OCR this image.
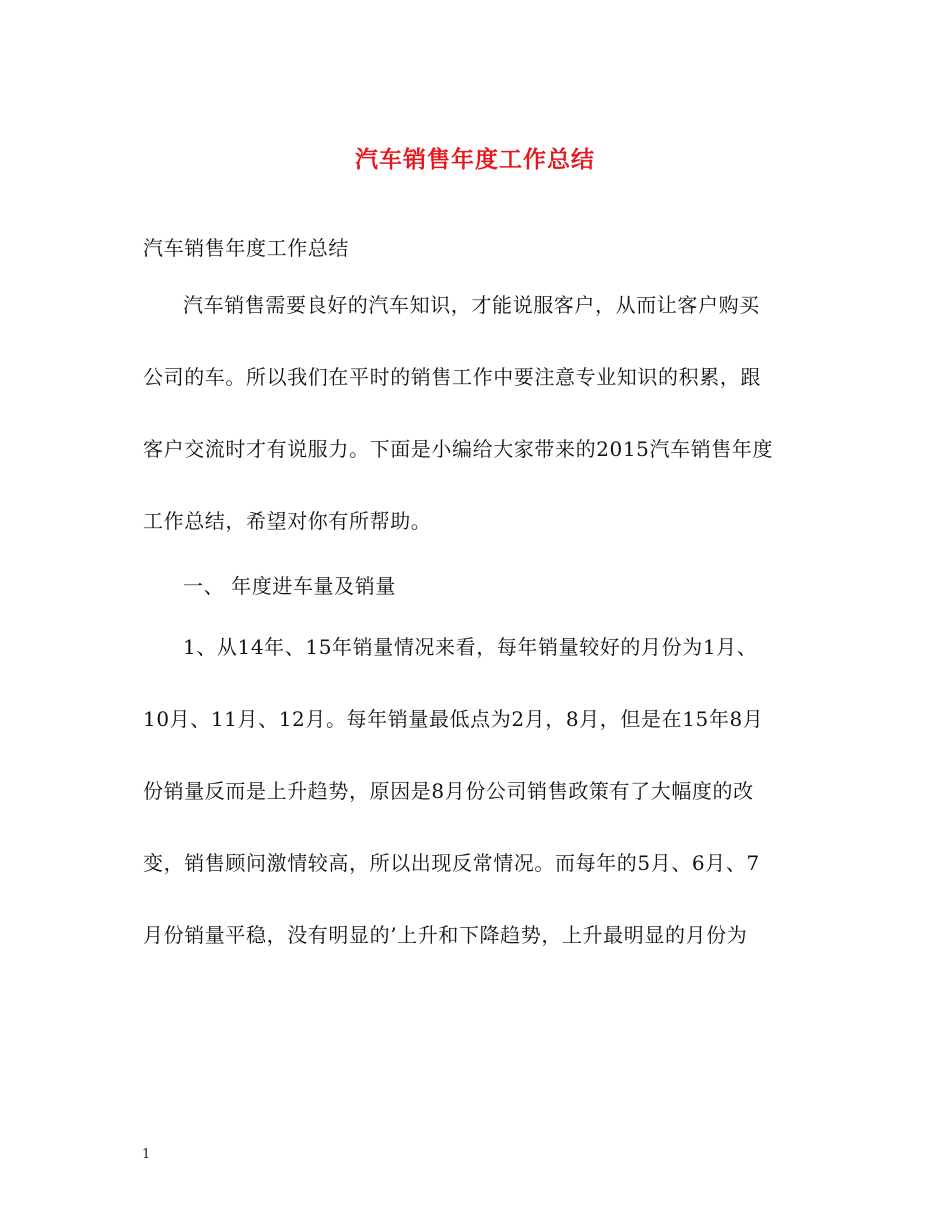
汽车销售年度工作总结
汽车销售年度工作总结
汽车销售需要良好的汽车知识，才能说服客户，从而让客户购买
公司的车。所以我们在平时的销售工作中要注意专业知识的积累，跟
客户交流时才有说服力。下面是小编给大家带来的2015汽车销售年度
工作总结，希望对你有所帮助。
一、 年度进车量及销量
1、从14年、15年销量情况来看，每年销量较好的月份为1月、
10月、11月、12月。每年销量最低点为2月，8月，但是在15年8月
份销量反而是上升趋势，原因是8月份公司销售政策有了大幅度的改
变，销售顾问激情较高，所以出现反常情况。而每年的5月、6月、7
月份销量平稳，没有明显的’上升和下降趋势，上升最明显的月份为
1
